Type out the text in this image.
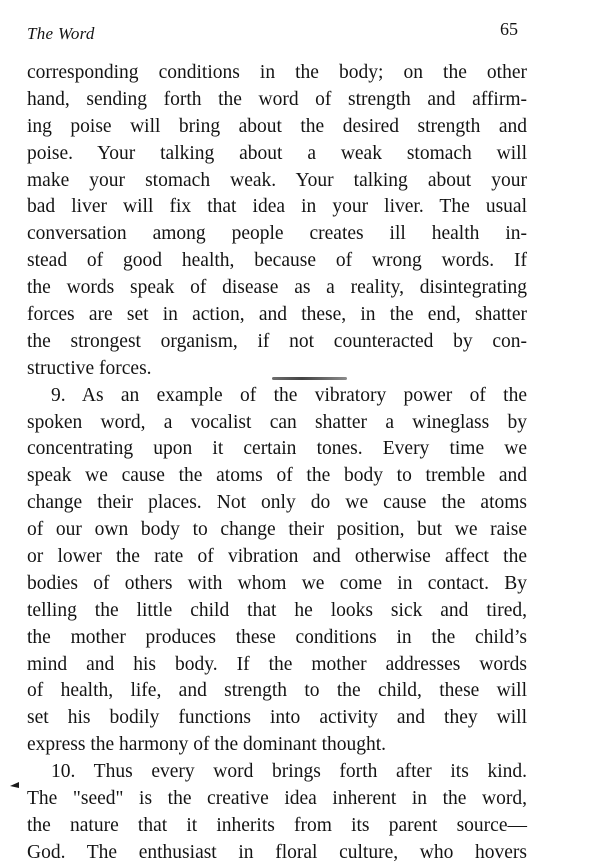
The Word	65
corresponding conditions in the body; on the other
hand, sending forth the word of strength and affirm-
ing poise will bring about the desired strength and
poise. Your talking about a weak stomach will
make your stomach weak. Your talking about your
bad liver will fix that idea in your liver. The usual
conversation among people creates ill health in-
stead of good health, because of wrong words. If
the words speak of disease as a reality, disintegrating
forces are set in action, and these, in the end, shatter
the strongest organism, if not counteracted by con-
structive forces.
9. As an example of the vibratory power of the
spoken word, a vocalist can shatter a wineglass by
concentrating upon it certain tones. Every time we
speak we cause the atoms of the body to tremble and
change their places. Not only do we cause the atoms
of our own body to change their position, but we raise
or lower the rate of vibration and otherwise affect the
bodies of others with whom we come in contact. By
telling the little child that he looks sick and tired,
the mother produces these conditions in the child’s
mind and his body. If the mother addresses words
of health, life, and strength to the child, these will
set his bodily functions into activity and they will
express the harmony of the dominant thought.
10. Thus every word brings forth after its kind.
The "seed" is the creative idea inherent in the word,
the nature that it inherits from its parent source—
God. The enthusiast in floral culture, who hovers
